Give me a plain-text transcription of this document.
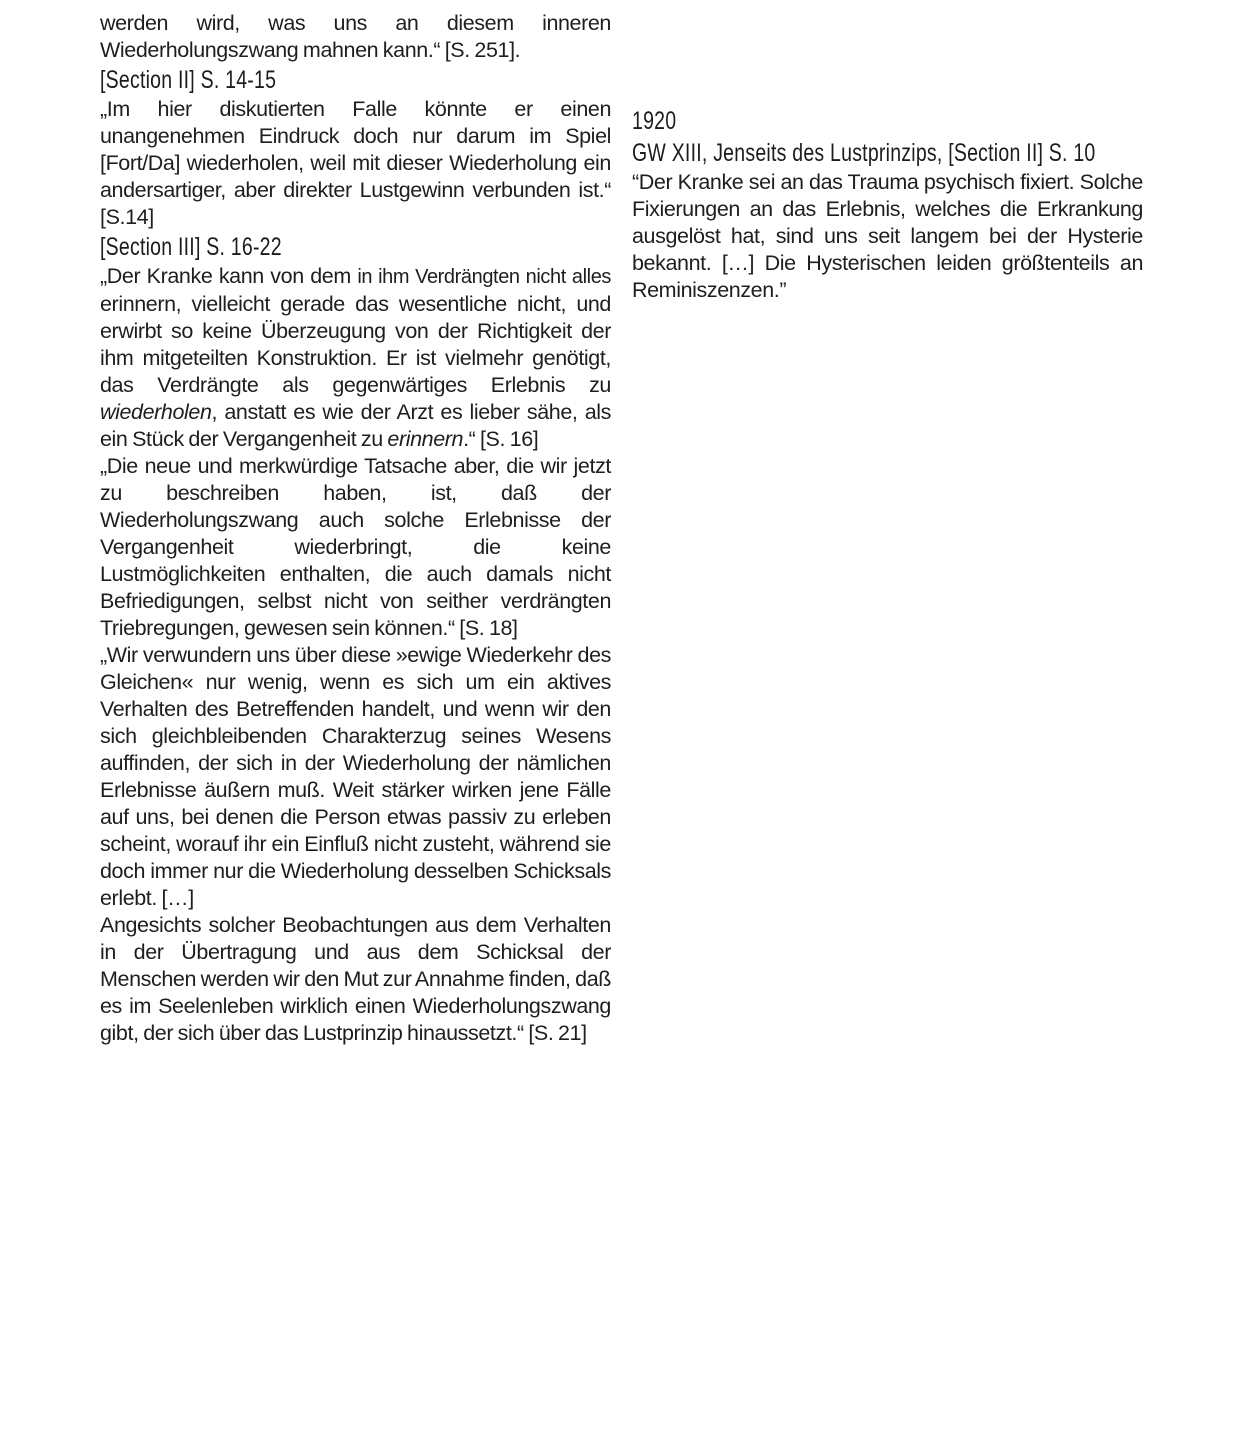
werden wird, was uns an diesem inneren Wiederholungszwang mahnen kann.“ [S. 251].

[Section II] S. 14-15

„Im hier diskutierten Falle könnte er einen unangenehmen Eindruck doch nur darum im Spiel [Fort/Da] wiederholen, weil mit dieser Wiederholung ein andersartiger, aber direkter Lustgewinn verbunden ist.“ [S.14]

[Section III] S. 16-22

„Der Kranke kann von dem in ihm Verdrängten nicht alles erinnern, vielleicht gerade das wesentliche nicht, und erwirbt so keine Überzeugung von der Richtigkeit der ihm mitgeteilten Konstruktion. Er ist vielmehr genötigt, das Verdrängte als gegenwärtiges Erlebnis zu wiederholen, anstatt es wie der Arzt es lieber sähe, als ein Stück der Vergangenheit zu erinnern.“ [S. 16]

„Die neue und merkwürdige Tatsache aber, die wir jetzt zu beschreiben haben, ist, daß der Wiederholungszwang auch solche Erlebnisse der Vergangenheit wiederbringt, die keine Lustmöglichkeiten enthalten, die auch damals nicht Befriedigungen, selbst nicht von seither verdrängten Triebregungen, gewesen sein können.“ [S. 18]

„Wir verwundern uns über diese »ewige Wiederkehr des Gleichen« nur wenig, wenn es sich um ein aktives Verhalten des Betreffenden handelt, und wenn wir den sich gleichbleibenden Charakterzug seines Wesens auffinden, der sich in der Wiederholung der nämlichen Erlebnisse äußern muß. Weit stärker wirken jene Fälle auf uns, bei denen die Person etwas passiv zu erleben scheint, worauf ihr ein Einfluß nicht zusteht, während sie doch immer nur die Wiederholung desselben Schicksals erlebt. […]

Angesichts solcher Beobachtungen aus dem Verhalten in der Übertragung und aus dem Schicksal der Menschen werden wir den Mut zur Annahme finden, daß es im Seelenleben wirklich einen Wiederholungszwang gibt, der sich über das Lustprinzip hinaussetzt.“ [S. 21]

1920
GW XIII, Jenseits des Lustprinzips, [Section II] S. 10

“Der Kranke sei an das Trauma psychisch fixiert. Solche Fixierungen an das Erlebnis, welches die Erkrankung ausgelöst hat, sind uns seit langem bei der Hysterie bekannt. […] Die Hysterischen leiden größtenteils an Reminiszenzen.”
